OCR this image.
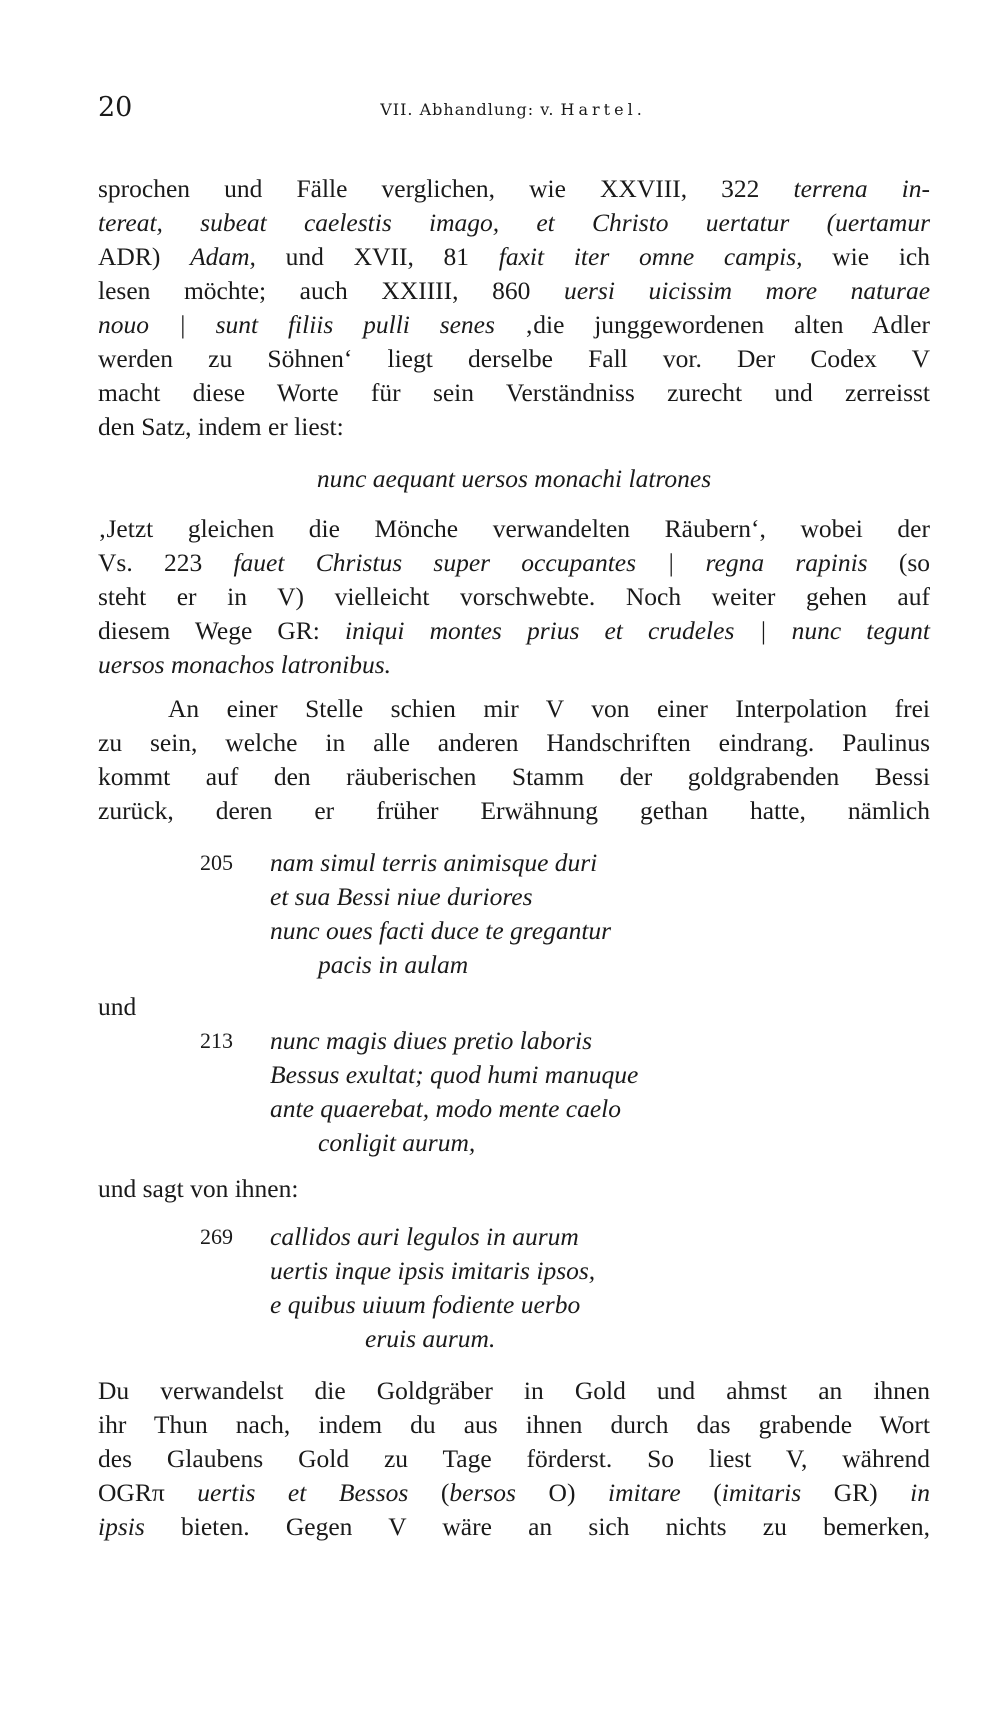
20	VII. Abhandlung: v. Hartel.
sprochen und Fälle verglichen, wie XXVIII, 322 terrena in-
tereat, subeat caelestis imago, et Christo uertatur (uertamur
ADR) Adam, und XVII, 81 faxit iter omne campis, wie ich
lesen möchte; auch XXIIII, 860 uersi uicissim more naturae
nouo | sunt filiis pulli senes ‚die junggewordenen alten Adler
werden zu Söhnen‘ liegt derselbe Fall vor. Der Codex V
macht diese Worte für sein Verständniss zurecht und zerreisst
den Satz, indem er liest:
nunc aequant uersos monachi latrones
‚Jetzt gleichen die Mönche verwandelten Räubern‘, wobei der
Vs. 223 fauet Christus super occupantes | regna rapinis (so
steht er in V) vielleicht vorschwebte. Noch weiter gehen auf
diesem Wege GR: iniqui montes prius et crudeles | nunc tegunt
uersos monachos latronibus.
An einer Stelle schien mir V von einer Interpolation frei
zu sein, welche in alle anderen Handschriften eindrang. Paulinus
kommt auf den räuberischen Stamm der goldgrabenden Bessi
zurück, deren er früher Erwähnung gethan hatte, nämlich
205 nam simul terris animisque duri
et sua Bessi niue duriores
nunc oues facti duce te gregantur
pacis in aulam
und
213 nunc magis diues pretio laboris
Bessus exultat; quod humi manuque
ante quaerebat, modo mente caelo
conligit aurum,
und sagt von ihnen:
269 callidos auri legulos in aurum
uertis inque ipsis imitaris ipsos,
e quibus uiuum fodiente uerbo
eruis aurum.
Du verwandelst die Goldgräber in Gold und ahmst an ihnen
ihr Thun nach, indem du aus ihnen durch das grabende Wort
des Glaubens Gold zu Tage förderst. So liest V, während
OGRπ uertis et Bessos (bersos O) imitare (imitaris GR) in
ipsis bieten. Gegen V wäre an sich nichts zu bemerken,
